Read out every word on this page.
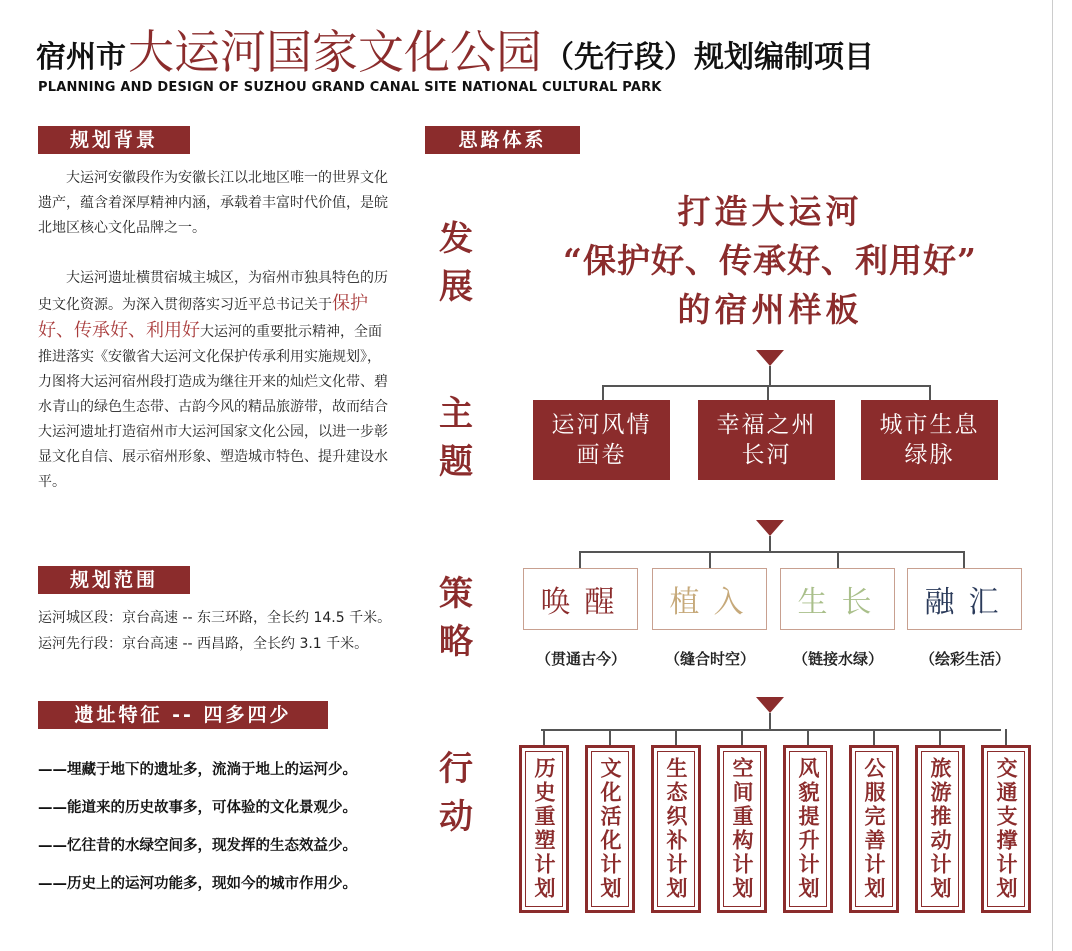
宿州市 大运河国家文化公园 （先行段）规划编制项目
PLANNING AND DESIGN OF SUZHOU GRAND CANAL SITE NATIONAL CULTURAL PARK
规划背景
大运河安徽段作为安徽长江以北地区唯一的世界文化遗产，蕴含着深厚精神内涵，承载着丰富时代价值，是皖北地区核心文化品牌之一。
大运河遗址横贯宿城主城区，为宿州市独具特色的历史文化资源。为深入贯彻落实习近平总书记关于保护好、传承好、利用好大运河的重要批示精神，全面推进落实《安徽省大运河文化保护传承利用实施规划》，力图将大运河宿州段打造成为继往开来的灿烂文化带、碧水青山的绿色生态带、古韵今风的精品旅游带，故而结合大运河遗址打造宿州市大运河国家文化公园，以进一步彰显文化自信、展示宿州形象、塑造城市特色、提升建设水平。
规划范围
运河城区段：京台高速 -- 东三环路，全长约 14.5 千米。
运河先行段：京台高速 -- 西昌路，全长约 3.1 千米。
遗址特征 -- 四多四少
——埋藏于地下的遗址多，流淌于地上的运河少。
——能道来的历史故事多，可体验的文化景观少。
——忆往昔的水绿空间多，现发挥的生态效益少。
——历史上的运河功能多，现如今的城市作用少。
思路体系
发
展
主
题
策
略
行
动
打造大运河
“保护好、传承好、利用好”
的宿州样板
运河风情
画卷
幸福之州
长河
城市生息
绿脉
唤醒 植入 生长 融汇
（贯通古今）	（缝合时空）	（链接水绿）	（绘彩生活）
历史重塑计划 文化活化计划 生态织补计划 空间重构计划 风貌提升计划 公服完善计划 旅游推动计划 交通支撑计划
